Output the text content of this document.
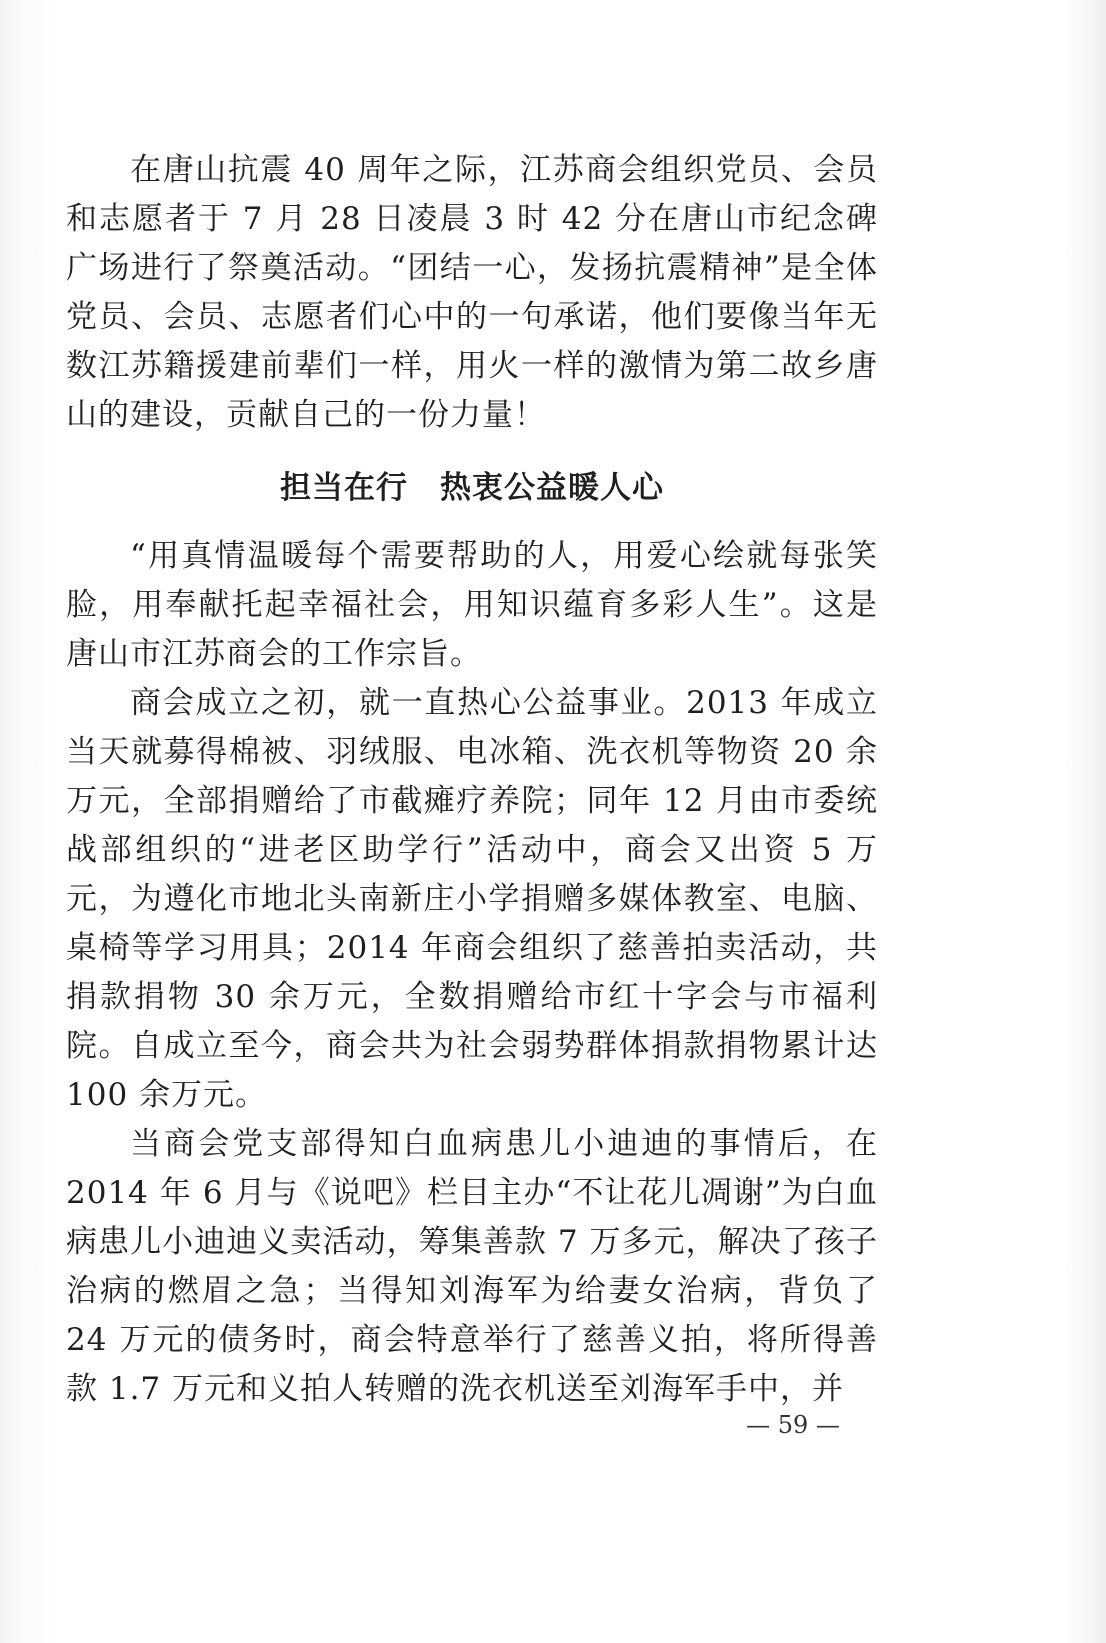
在唐山抗震 40 周年之际，江苏商会组织党员、会员和志愿者于 7 月 28 日凌晨 3 时 42 分在唐山市纪念碑广场进行了祭奠活动。“团结一心，发扬抗震精神”是全体党员、会员、志愿者们心中的一句承诺，他们要像当年无数江苏籍援建前辈们一样，用火一样的激情为第二故乡唐山的建设，贡献自己的一份力量！

担当在行　热衷公益暖人心

“用真情温暖每个需要帮助的人，用爱心绘就每张笑脸，用奉献托起幸福社会，用知识蕴育多彩人生”。这是唐山市江苏商会的工作宗旨。

商会成立之初，就一直热心公益事业。2013 年成立当天就募得棉被、羽绒服、电冰箱、洗衣机等物资 20 余万元，全部捐赠给了市截瘫疗养院；同年 12 月由市委统战部组织的“进老区助学行”活动中，商会又出资 5 万元，为遵化市地北头南新庄小学捐赠多媒体教室、电脑、桌椅等学习用具；2014 年商会组织了慈善拍卖活动，共捐款捐物 30 余万元，全数捐赠给市红十字会与市福利院。自成立至今，商会共为社会弱势群体捐款捐物累计达 100 余万元。

当商会党支部得知白血病患儿小迪迪的事情后，在 2014 年 6 月与《说吧》栏目主办“不让花儿凋谢”为白血病患儿小迪迪义卖活动，筹集善款 7 万多元，解决了孩子治病的燃眉之急；当得知刘海军为给妻女治病，背负了 24 万元的债务时，商会特意举行了慈善义拍，将所得善款 1.7 万元和义拍人转赠的洗衣机送至刘海军手中，并

— 59 —
